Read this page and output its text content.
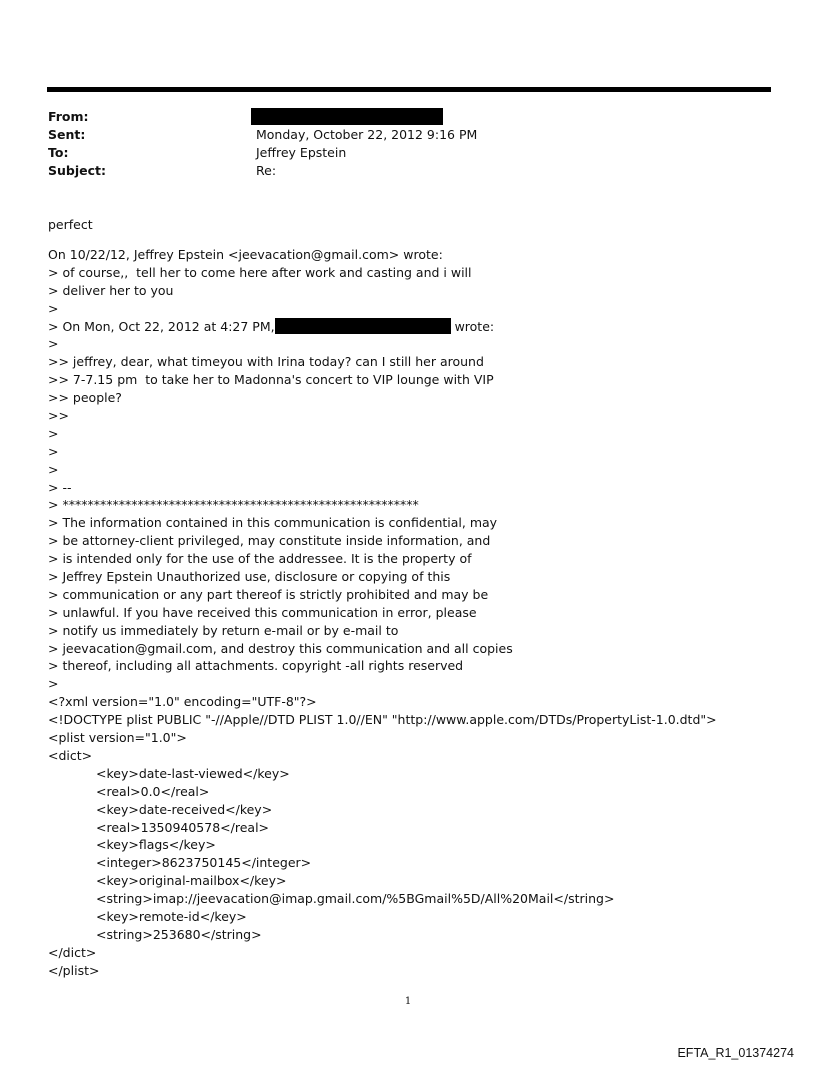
From:
Sent:	Monday, October 22, 2012 9:16 PM
To:	Jeffrey Epstein
Subject:	Re:
perfect
On 10/22/12, Jeffrey Epstein <jeevacation@gmail.com> wrote:
> of course,,  tell her to come here after work and casting and i will
> deliver her to you
>
> On Mon, Oct 22, 2012 at 4:27 PM,	wrote:
>
>> jeffrey, dear, what timeyou with Irina today? can I still her around
>> 7-7.15 pm  to take her to Madonna's concert to VIP lounge with VIP
>> people?
>>
>
>
>
> --
> *********************************************************
> The information contained in this communication is confidential, may
> be attorney-client privileged, may constitute inside information, and
> is intended only for the use of the addressee. It is the property of
> Jeffrey Epstein Unauthorized use, disclosure or copying of this
> communication or any part thereof is strictly prohibited and may be
> unlawful. If you have received this communication in error, please
> notify us immediately by return e-mail or by e-mail to
> jeevacation@gmail.com, and destroy this communication and all copies
> thereof, including all attachments. copyright -all rights reserved
>
<?xml version="1.0" encoding="UTF-8"?>
<!DOCTYPE plist PUBLIC "-//Apple//DTD PLIST 1.0//EN" "http://www.apple.com/DTDs/PropertyList-1.0.dtd">
<plist version="1.0">
<dict>
<key>date-last-viewed</key>
<real>0.0</real>
<key>date-received</key>
<real>1350940578</real>
<key>flags</key>
<integer>8623750145</integer>
<key>original-mailbox</key>
<string>imap://jeevacation@imap.gmail.com/%5BGmail%5D/All%20Mail</string>
<key>remote-id</key>
<string>253680</string>
</dict>
</plist>
1
EFTA_R1_01374274
